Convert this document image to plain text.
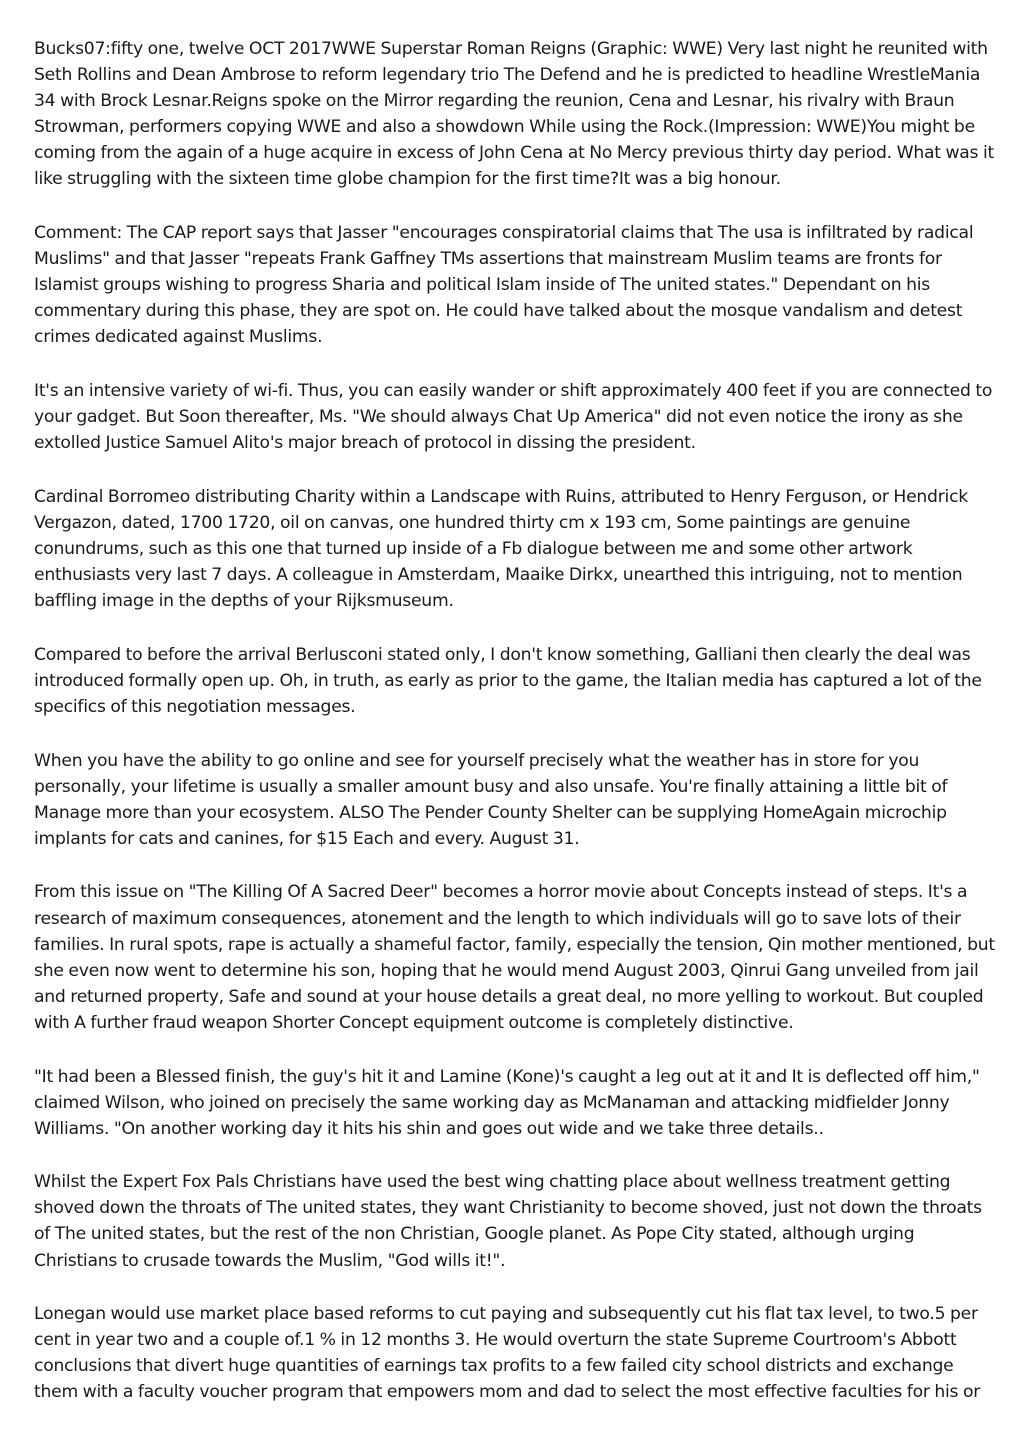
Bucks07:fifty one, twelve OCT 2017WWE Superstar Roman Reigns (Graphic: WWE) Very last night he reunited with Seth Rollins and Dean Ambrose to reform legendary trio The Defend and he is predicted to headline WrestleMania 34 with Brock Lesnar.Reigns spoke on the Mirror regarding the reunion, Cena and Lesnar, his rivalry with Braun Strowman, performers copying WWE and also a showdown While using the Rock.(Impression: WWE)You might be coming from the again of a huge acquire in excess of John Cena at No Mercy previous thirty day period. What was it like struggling with the sixteen time globe champion for the first time?It was a big honour.

Comment: The CAP report says that Jasser "encourages conspiratorial claims that The usa is infiltrated by radical Muslims" and that Jasser "repeats Frank Gaffney TMs assertions that mainstream Muslim teams are fronts for Islamist groups wishing to progress Sharia and political Islam inside of The united states." Dependant on his commentary during this phase, they are spot on. He could have talked about the mosque vandalism and detest crimes dedicated against Muslims.

It's an intensive variety of wi-fi. Thus, you can easily wander or shift approximately 400 feet if you are connected to your gadget. But Soon thereafter, Ms. "We should always Chat Up America" did not even notice the irony as she extolled Justice Samuel Alito's major breach of protocol in dissing the president.

Cardinal Borromeo distributing Charity within a Landscape with Ruins, attributed to Henry Ferguson, or Hendrick Vergazon, dated, 1700 1720, oil on canvas, one hundred thirty cm x 193 cm, Some paintings are genuine conundrums, such as this one that turned up inside of a Fb dialogue between me and some other artwork enthusiasts very last 7 days. A colleague in Amsterdam, Maaike Dirkx, unearthed this intriguing, not to mention baffling image in the depths of your Rijksmuseum.

Compared to before the arrival Berlusconi stated only, I don't know something, Galliani then clearly the deal was introduced formally open up. Oh, in truth, as early as prior to the game, the Italian media has captured a lot of the specifics of this negotiation messages.

When you have the ability to go online and see for yourself precisely what the weather has in store for you personally, your lifetime is usually a smaller amount busy and also unsafe. You're finally attaining a little bit of Manage more than your ecosystem. ALSO The Pender County Shelter can be supplying HomeAgain microchip implants for cats and canines, for $15 Each and every. August 31.

From this issue on "The Killing Of A Sacred Deer" becomes a horror movie about Concepts instead of steps. It's a research of maximum consequences, atonement and the length to which individuals will go to save lots of their families. In rural spots, rape is actually a shameful factor, family, especially the tension, Qin mother mentioned, but she even now went to determine his son, hoping that he would mend August 2003, Qinrui Gang unveiled from jail and returned property, Safe and sound at your house details a great deal, no more yelling to workout. But coupled with A further fraud weapon Shorter Concept equipment outcome is completely distinctive.

"It had been a Blessed finish, the guy's hit it and Lamine (Kone)'s caught a leg out at it and It is deflected off him," claimed Wilson, who joined on precisely the same working day as McManaman and attacking midfielder Jonny Williams. "On another working day it hits his shin and goes out wide and we take three details..

Whilst the Expert Fox Pals Christians have used the best wing chatting place about wellness treatment getting shoved down the throats of The united states, they want Christianity to become shoved, just not down the throats of The united states, but the rest of the non Christian, Google planet. As Pope City stated, although urging Christians to crusade towards the Muslim, "God wills it!".

Lonegan would use market place based reforms to cut paying and subsequently cut his flat tax level, to two.5 per cent in year two and a couple of.1 % in 12 months 3. He would overturn the state Supreme Courtroom's Abbott conclusions that divert huge quantities of earnings tax profits to a few failed city school districts and exchange them with a faculty voucher program that empowers mom and dad to select the most effective faculties for his or
